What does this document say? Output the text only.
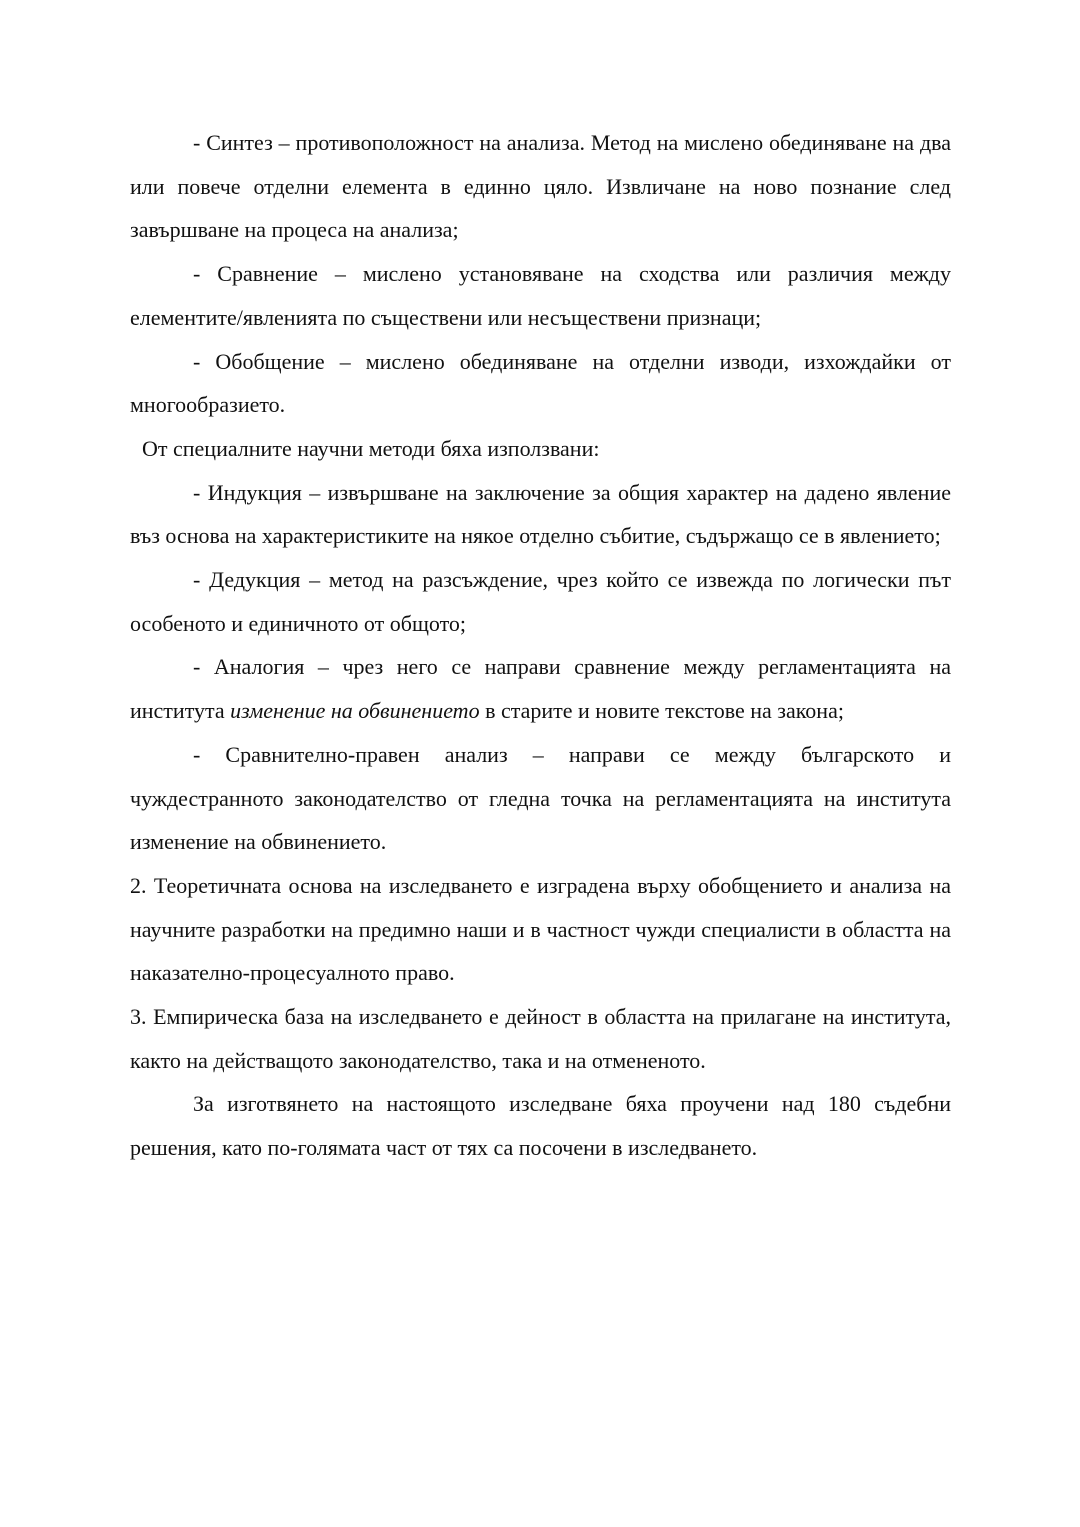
- Синтез – противоположност на анализа. Метод на мислено обединяване на два или повече отделни елемента в единно цяло. Извличане на ново познание след завършване на процеса на анализа;

- Сравнение – мислено установяване на сходства или различия между елементите/явленията по съществени или несъществени признаци;

- Обобщение – мислено обединяване на отделни изводи, изхождайки от многообразието.

От специалните научни методи бяха използвани:

- Индукция – извършване на заключение за общия характер на дадено явление въз основа на характеристиките на някое отделно събитие, съдържащо се в явлението;

- Дедукция – метод на разсъждение, чрез който се извежда по логически път особеното и единичното от общото;

- Аналогия – чрез него се направи сравнение между регламентацията на института изменение на обвинението в старите и новите текстове на закона;

- Сравнително-правен анализ – направи се между българското и чуждестранното законодателство от гледна точка на регламентацията на института изменение на обвинението.

2. Теоретичната основа на изследването е изградена върху обобщението и анализа на научните разработки на предимно наши и в частност чужди специалисти в областта на наказателно-процесуалното право.

3. Емпирическа база на изследването е дейност в областта на прилагане на института, както на действащото законодателство, така и на отмененото.

За изготвянето на настоящото изследване бяха проучени над 180 съдебни решения, като по-голямата част от тях са посочени в изследването.
